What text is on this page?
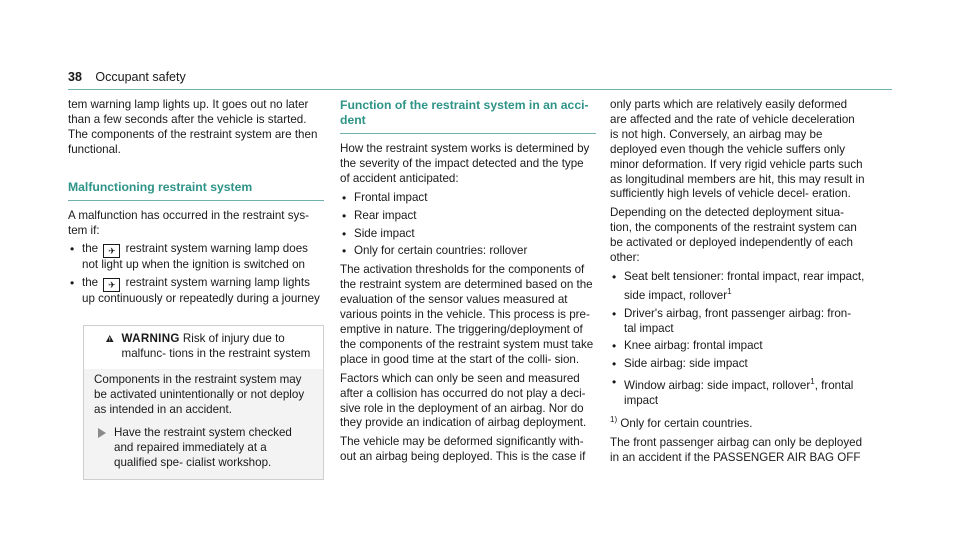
38 Occupant safety

tem warning lamp lights up. It goes out no later than a few seconds after the vehicle is started. The components of the restraint system are then functional.

Malfunctioning restraint system

A malfunction has occurred in the restraint sys- tem if:

• the ✈ restraint system warning lamp does not light up when the ignition is switched on
• the ✈ restraint system warning lamp lights up continuously or repeatedly during a journey
WARNING Risk of injury due to malfunc- tions in the restraint system

Components in the restraint system may be activated unintentionally or not deploy as intended in an accident.

Have the restraint system checked and repaired immediately at a qualified spe- cialist workshop.
Function of the restraint system in an acci- dent

How the restraint system works is determined by the severity of the impact detected and the type of accident anticipated:

• Frontal impact
• Rear impact
• Side impact
• Only for certain countries: rollover

The activation thresholds for the components of the restraint system are determined based on the evaluation of the sensor values measured at various points in the vehicle. This process is pre- emptive in nature. The triggering/deployment of the components of the restraint system must take place in good time at the start of the colli- sion.

Factors which can only be seen and measured after a collision has occurred do not play a deci- sive role in the deployment of an airbag. Nor do they provide an indication of airbag deployment.

The vehicle may be deformed significantly with- out an airbag being deployed. This is the case if

only parts which are relatively easily deformed are affected and the rate of vehicle deceleration is not high. Conversely, an airbag may be deployed even though the vehicle suffers only minor deformation. If very rigid vehicle parts such as longitudinal members are hit, this may result in sufficiently high levels of vehicle decel- eration.

Depending on the detected deployment situa- tion, the components of the restraint system can be activated or deployed independently of each other:

• Seat belt tensioner: frontal impact, rear impact, side impact, rollover$^1$
• Driver's airbag, front passenger airbag: fron- tal impact
• Knee airbag: frontal impact
• Side airbag: side impact
• Window airbag: side impact, rollover$^1$, frontal impact

$^{1)}$ Only for certain countries.

The front passenger airbag can only be deployed in an accident if the PASSENGER AIR BAG OFF
